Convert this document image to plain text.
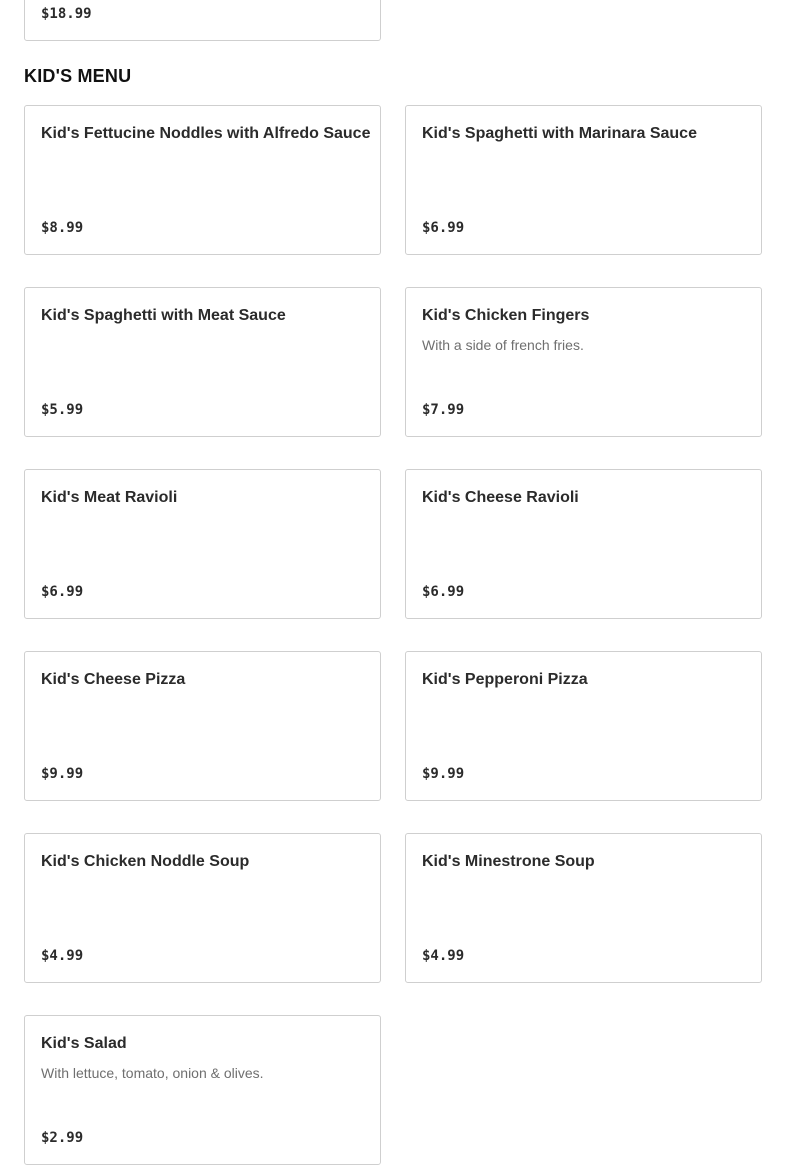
$18.99
KID'S MENU
Kid's Fettucine Noddles with Alfredo Sauce
$8.99
Kid's Spaghetti with Marinara Sauce
$6.99
Kid's Spaghetti with Meat Sauce
$5.99
Kid's Chicken Fingers
With a side of french fries.
$7.99
Kid's Meat Ravioli
$6.99
Kid's Cheese Ravioli
$6.99
Kid's Cheese Pizza
$9.99
Kid's Pepperoni Pizza
$9.99
Kid's Chicken Noddle Soup
$4.99
Kid's Minestrone Soup
$4.99
Kid's Salad
With lettuce, tomato, onion & olives.
$2.99
